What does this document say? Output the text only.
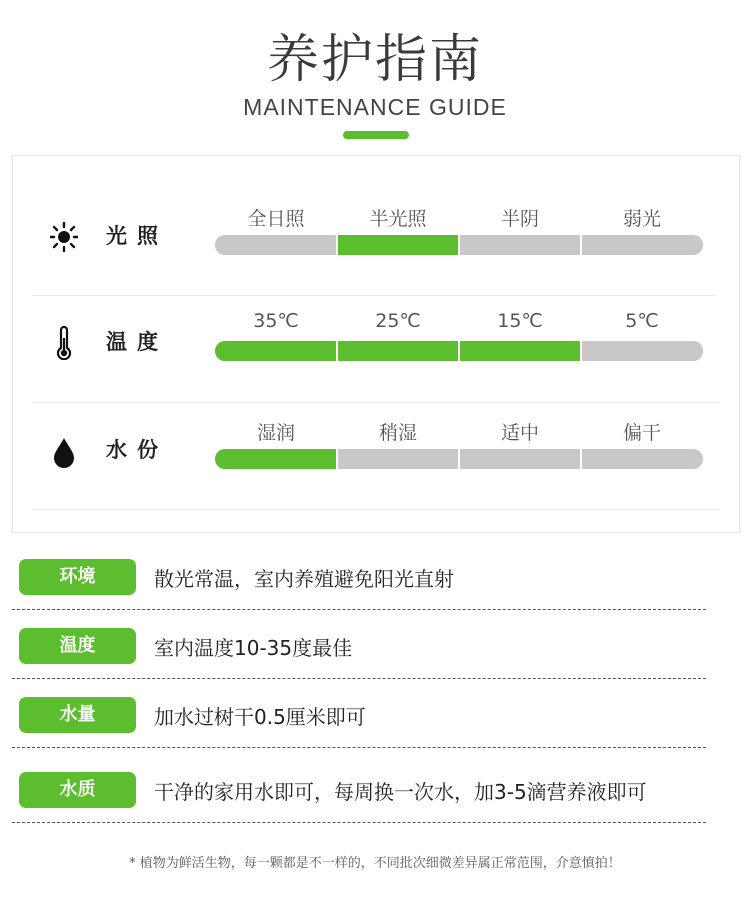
养护指南
MAINTENANCE GUIDE
光照
全日照	半光照	半阴	弱光
温度
35℃	25℃	15℃	5℃
水份
湿润	稍湿	适中	偏干
环境	散光常温，室内养殖避免阳光直射
温度	室内温度10-35度最佳
水量	加水过树干0.5厘米即可
水质	干净的家用水即可，每周换一次水，加3-5滴营养液即可
* 植物为鲜活生物，每一颗都是不一样的，不同批次细微差异属正常范围，介意慎拍！
